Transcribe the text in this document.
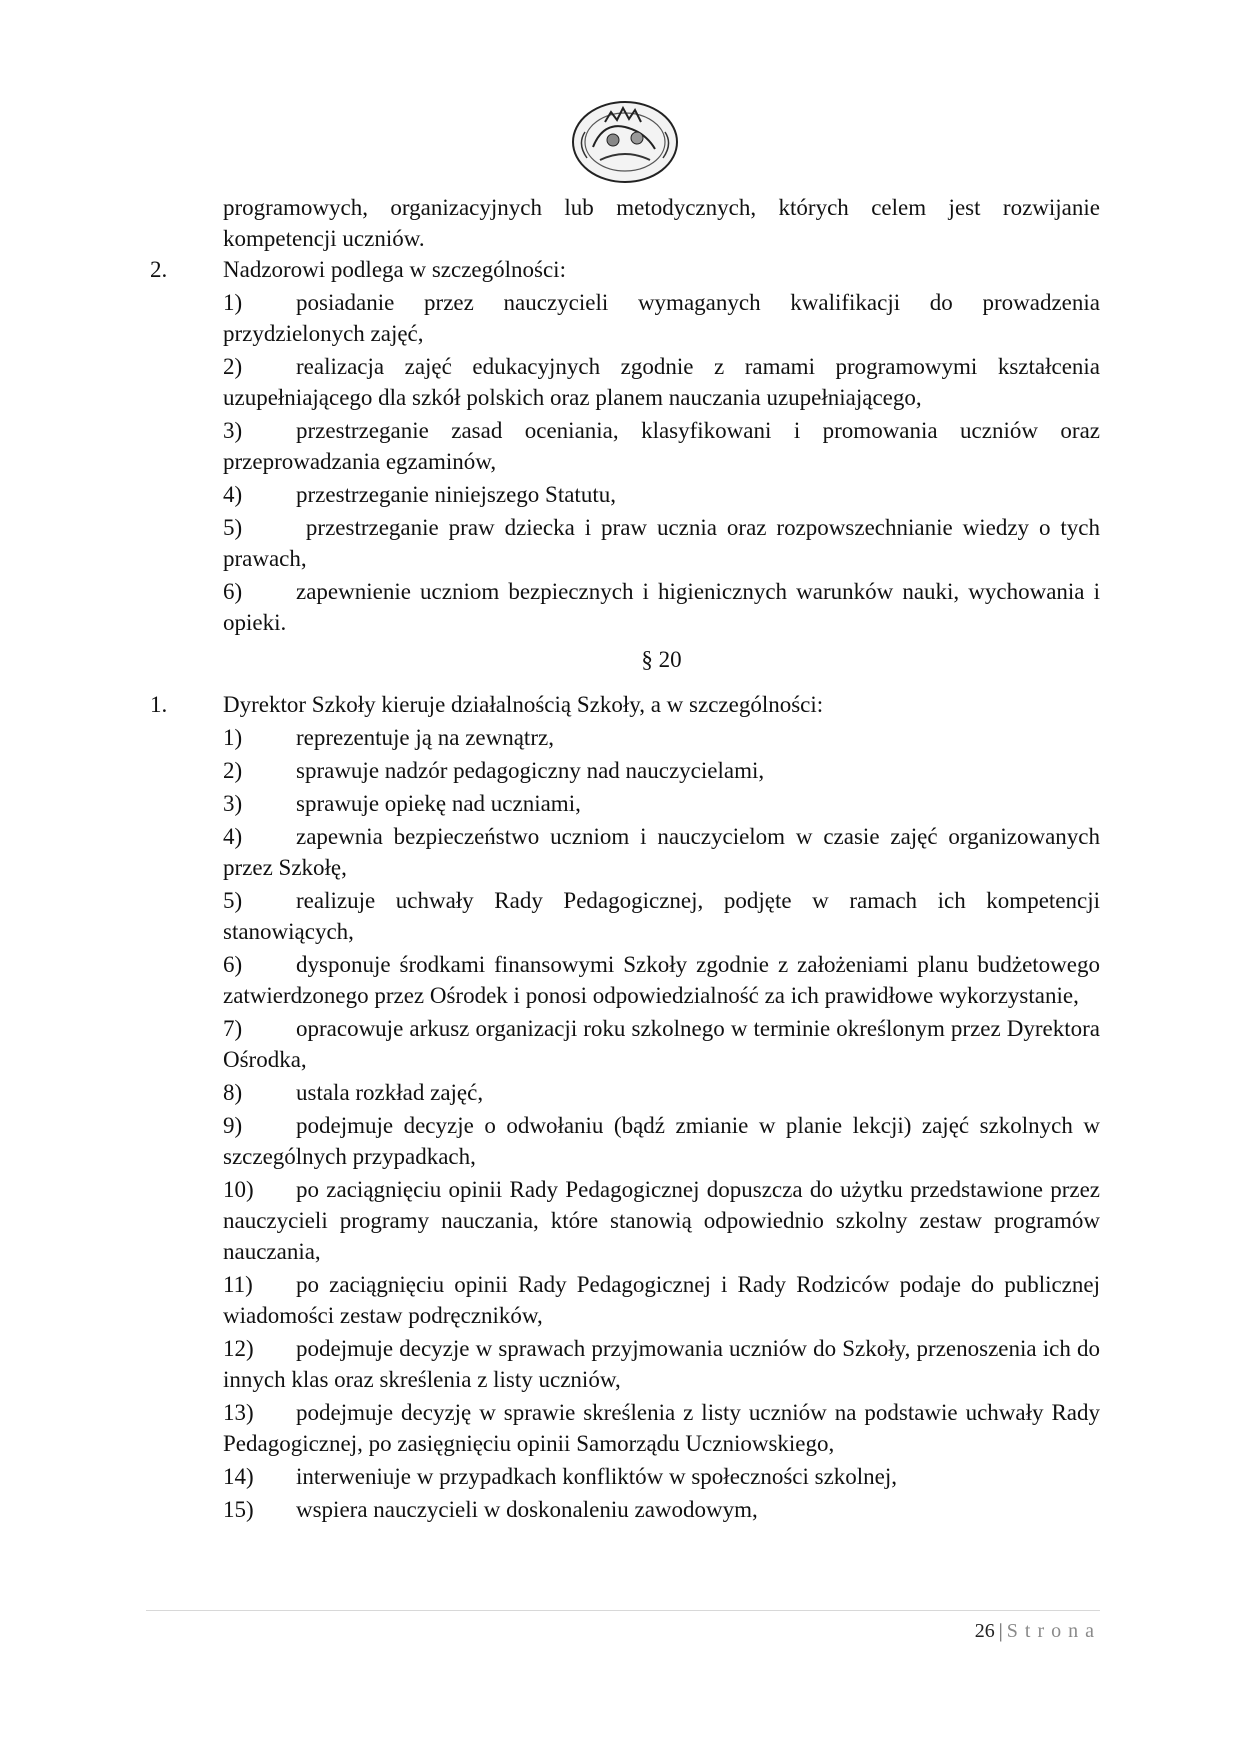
programowych, organizacyjnych lub metodycznych, których celem jest rozwijanie kompetencji uczniów.
2.	Nadzorowi podlega w szczególności:
1) posiadanie przez nauczycieli wymaganych kwalifikacji do prowadzenia przydzielonych zajęć,
2) realizacja zajęć edukacyjnych zgodnie z ramami programowymi kształcenia uzupełniającego dla szkół polskich oraz planem nauczania uzupełniającego,
3) przestrzeganie zasad oceniania, klasyfikowani i promowania uczniów oraz przeprowadzania egzaminów,
4) przestrzeganie niniejszego Statutu,
5) przestrzeganie praw dziecka i praw ucznia oraz rozpowszechnianie wiedzy o tych prawach,
6) zapewnienie uczniom bezpiecznych i higienicznych warunków nauki, wychowania i opieki.
§ 20
1.	Dyrektor Szkoły kieruje działalnością Szkoły, a w szczególności:
1) reprezentuje ją na zewnątrz,
2) sprawuje nadzór pedagogiczny nad nauczycielami,
3) sprawuje opiekę nad uczniami,
4) zapewnia bezpieczeństwo uczniom i nauczycielom w czasie zajęć organizowanych przez Szkołę,
5) realizuje uchwały Rady Pedagogicznej, podjęte w ramach ich kompetencji stanowiących,
6) dysponuje środkami finansowymi Szkoły zgodnie z założeniami planu budżetowego zatwierdzonego przez Ośrodek i ponosi odpowiedzialność za ich prawidłowe wykorzystanie,
7) opracowuje arkusz organizacji roku szkolnego w terminie określonym przez Dyrektora Ośrodka,
8) ustala rozkład zajęć,
9) podejmuje decyzje o odwołaniu (bądź zmianie w planie lekcji) zajęć szkolnych w szczególnych przypadkach,
10) po zaciągnięciu opinii Rady Pedagogicznej dopuszcza do użytku przedstawione przez nauczycieli programy nauczania, które stanowią odpowiednio szkolny zestaw programów nauczania,
11) po zaciągnięciu opinii Rady Pedagogicznej i Rady Rodziców podaje do publicznej wiadomości zestaw podręczników,
12) podejmuje decyzje w sprawach przyjmowania uczniów do Szkoły, przenoszenia ich do innych klas oraz skreślenia z listy uczniów,
13) podejmuje decyzję w sprawie skreślenia z listy uczniów na podstawie uchwały Rady Pedagogicznej, po zasięgnięciu opinii Samorządu Uczniowskiego,
14) interweniuje w przypadkach konfliktów w społeczności szkolnej,
15) wspiera nauczycieli w doskonaleniu zawodowym,
26 | Strona
